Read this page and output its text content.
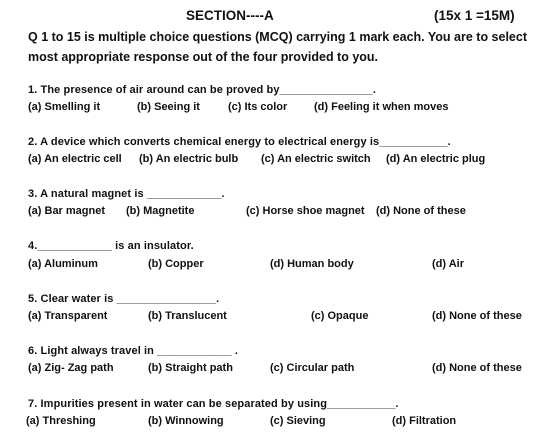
SECTION----A	(15x 1 =15M)
Q 1 to 15 is multiple choice questions (MCQ) carrying 1 mark each. You are to select
most appropriate response out of the four provided to you.
1. The presence of air around can be proved by_______________.
(a) Smelling it	(b) Seeing it	(c) Its color (d) Feeling it when moves
2. A device which converts chemical energy to electrical energy is___________.
(a) An electric cell (b) An electric bulb (c) An electric switch (d) An electric plug
3. A natural magnet is ____________.
(a) Bar magnet (b) Magnetite	(c) Horse shoe magnet (d) None of these
4.____________ is an insulator.
(a) Aluminum	(b) Copper	(d) Human body	(d) Air
5. Clear water is ________________.
(a) Transparent	(b) Translucent	(c) Opaque	(d) None of these
6. Light always travel in ____________ .
(a) Zig- Zag path	(b) Straight path	(c) Circular path	(d) None of these
7. Impurities present in water can be separated by using___________.
(a) Threshing	(b) Winnowing	(c) Sieving	(d) Filtration
